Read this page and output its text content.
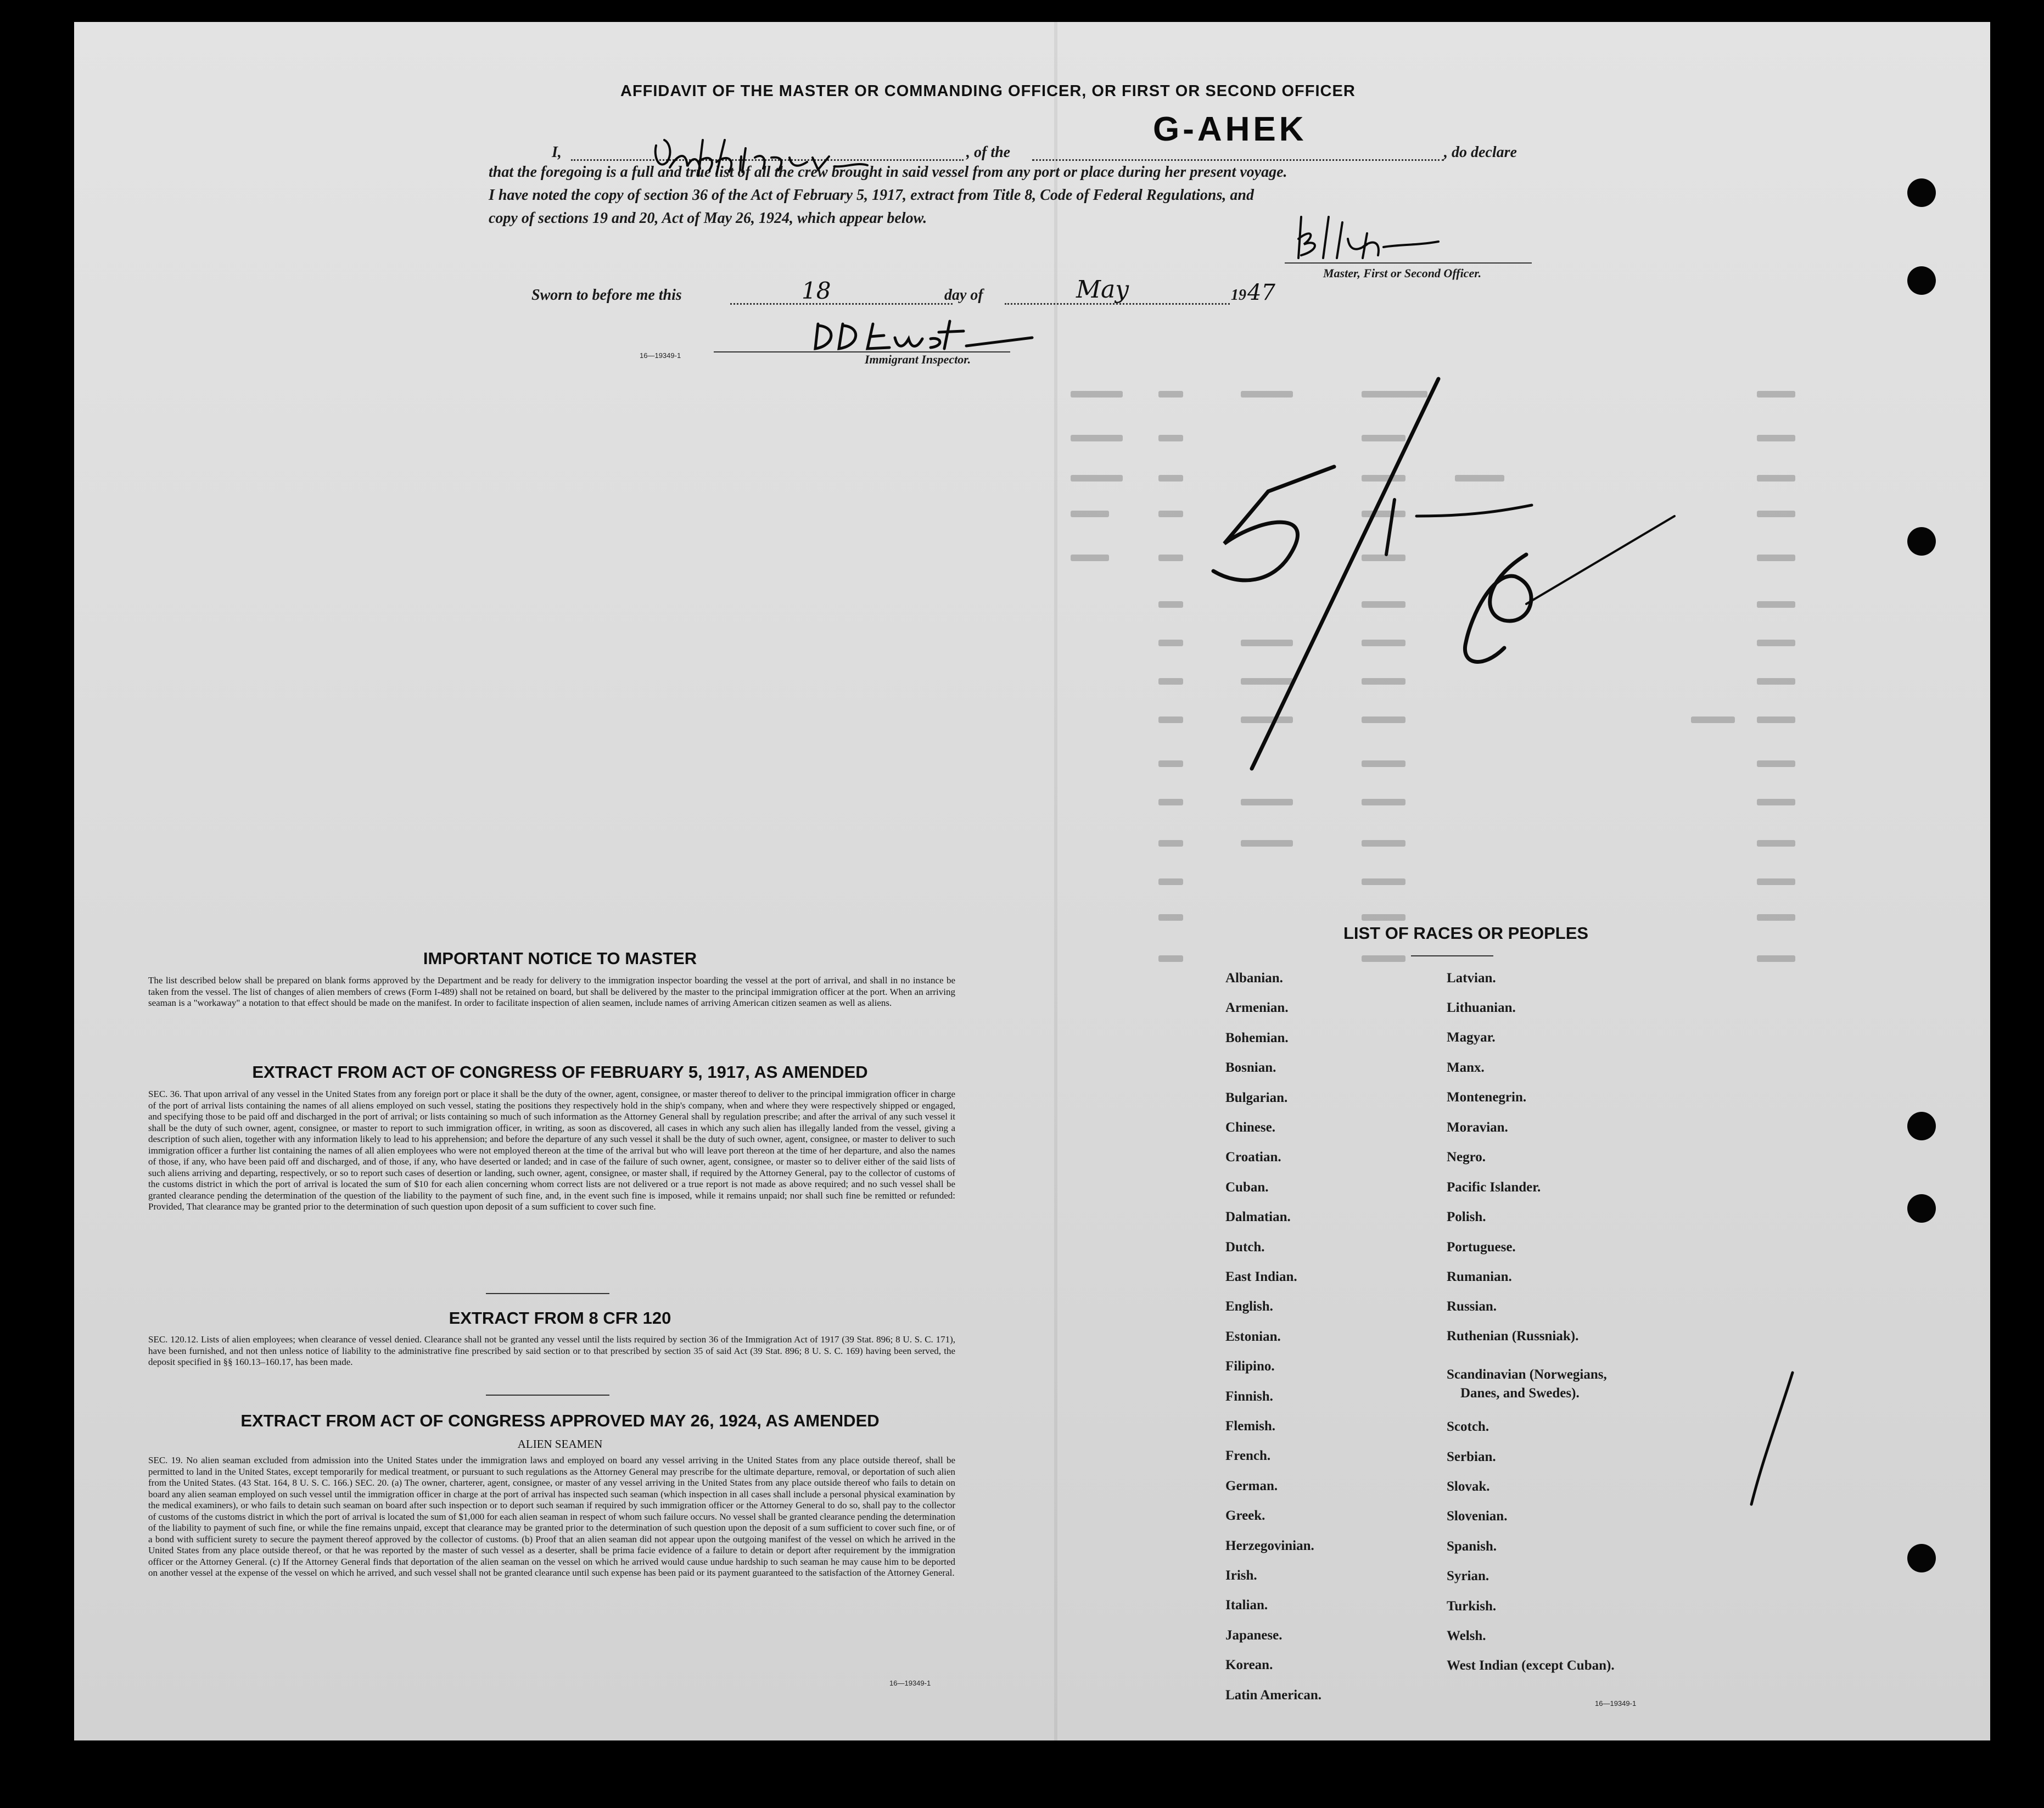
AFFIDAVIT OF THE MASTER OR COMMANDING OFFICER, OR FIRST OR SECOND OFFICER
I,	, of the
G-AHEK
, do declare
that the foregoing is a full and true list of all the crew brought in said vessel from any port or place during her present voyage.
I have noted the copy of section 36 of the Act of February 5, 1917, extract from Title 8, Code of Federal Regulations, and
copy of sections 19 and 20, Act of May 26, 1924, which appear below.
Master, First or Second Officer.
Sworn to before me this	18	day of	May	19 47
16—19349-1	Immigrant Inspector.
IMPORTANT NOTICE TO MASTER
The list described below shall be prepared on blank forms approved by the Department and be ready for delivery to the immigration inspector boarding the vessel at the port of arrival, and shall in no instance be taken from the vessel. The list of changes of alien members of crews (Form I-489) shall not be retained on board, but shall be delivered by the master to the principal immigration officer at the port. When an arriving seaman is a "workaway" a notation to that effect should be made on the manifest. In order to facilitate inspection of alien seamen, include names of arriving American citizen seamen as well as aliens.
EXTRACT FROM ACT OF CONGRESS OF FEBRUARY 5, 1917, AS AMENDED
SEC. 36. That upon arrival of any vessel in the United States from any foreign port or place it shall be the duty of the owner, agent, consignee, or master thereof to deliver to the principal immigration officer in charge of the port of arrival lists containing the names of all aliens employed on such vessel, stating the positions they respectively hold in the ship's company, when and where they were respectively shipped or engaged, and specifying those to be paid off and discharged in the port of arrival; or lists containing so much of such information as the Attorney General shall by regulation prescribe; and after the arrival of any such vessel it shall be the duty of such owner, agent, consignee, or master to report to such immigration officer, in writing, as soon as discovered, all cases in which any such alien has illegally landed from the vessel, giving a description of such alien, together with any information likely to lead to his apprehension; and before the departure of any such vessel it shall be the duty of such owner, agent, consignee, or master to deliver to such immigration officer a further list containing the names of all alien employees who were not employed thereon at the time of the arrival but who will leave port thereon at the time of her departure, and also the names of those, if any, who have been paid off and discharged, and of those, if any, who have deserted or landed; and in case of the failure of such owner, agent, consignee, or master so to deliver either of the said lists of such aliens arriving and departing, respectively, or so to report such cases of desertion or landing, such owner, agent, consignee, or master shall, if required by the Attorney General, pay to the collector of customs of the customs district in which the port of arrival is located the sum of $10 for each alien concerning whom correct lists are not delivered or a true report is not made as above required; and no such vessel shall be granted clearance pending the determination of the question of the liability to the payment of such fine, and, in the event such fine is imposed, while it remains unpaid; nor shall such fine be remitted or refunded: Provided, That clearance may be granted prior to the determination of such question upon deposit of a sum sufficient to cover such fine.
EXTRACT FROM 8 CFR 120
SEC. 120.12. Lists of alien employees; when clearance of vessel denied. Clearance shall not be granted any vessel until the lists required by section 36 of the Immigration Act of 1917 (39 Stat. 896; 8 U. S. C. 171), have been furnished, and not then unless notice of liability to the administrative fine prescribed by said section or to that prescribed by section 35 of said Act (39 Stat. 896; 8 U. S. C. 169) having been served, the deposit specified in §§ 160.13–160.17, has been made.
EXTRACT FROM ACT OF CONGRESS APPROVED MAY 26, 1924, AS AMENDED
ALIEN SEAMEN
SEC. 19. No alien seaman excluded from admission into the United States under the immigration laws and employed on board any vessel arriving in the United States from any place outside thereof, shall be permitted to land in the United States, except temporarily for medical treatment, or pursuant to such regulations as the Attorney General may prescribe for the ultimate departure, removal, or deportation of such alien from the United States. (43 Stat. 164, 8 U. S. C. 166.) SEC. 20. (a) The owner, charterer, agent, consignee, or master of any vessel arriving in the United States from any place outside thereof who fails to detain on board any alien seaman employed on such vessel until the immigration officer in charge at the port of arrival has inspected such seaman (which inspection in all cases shall include a personal physical examination by the medical examiners), or who fails to detain such seaman on board after such inspection or to deport such seaman if required by such immigration officer or the Attorney General to do so, shall pay to the collector of customs of the customs district in which the port of arrival is located the sum of $1,000 for each alien seaman in respect of whom such failure occurs. No vessel shall be granted clearance pending the determination of the liability to payment of such fine, or while the fine remains unpaid, except that clearance may be granted prior to the determination of such question upon the deposit of a sum sufficient to cover such fine, or of a bond with sufficient surety to secure the payment thereof approved by the collector of customs. (b) Proof that an alien seaman did not appear upon the outgoing manifest of the vessel on which he arrived in the United States from any place outside thereof, or that he was reported by the master of such vessel as a deserter, shall be prima facie evidence of a failure to detain or deport after requirement by the immigration officer or the Attorney General. (c) If the Attorney General finds that deportation of the alien seaman on the vessel on which he arrived would cause undue hardship to such seaman he may cause him to be deported on another vessel at the expense of the vessel on which he arrived, and such vessel shall not be granted clearance until such expense has been paid or its payment guaranteed to the satisfaction of the Attorney General.
16—19349-1
LIST OF RACES OR PEOPLES
Albanian.
Armenian.
Bohemian.
Bosnian.
Bulgarian.
Chinese.
Croatian.
Cuban.
Dalmatian.
Dutch.
East Indian.
English.
Estonian.
Filipino.
Finnish.
Flemish.
French.
German.
Greek.
Herzegovinian.
Irish.
Italian.
Japanese.
Korean.
Latin American.
Latvian.
Lithuanian.
Magyar.
Manx.
Montenegrin.
Moravian.
Negro.
Pacific Islander.
Polish.
Portuguese.
Rumanian.
Russian.
Ruthenian (Russniak).
Scandinavian (Norwegians,
Danes, and Swedes).
Scotch.
Serbian.
Slovak.
Slovenian.
Spanish.
Syrian.
Turkish.
Welsh.
West Indian (except Cuban).
16—19349-1
